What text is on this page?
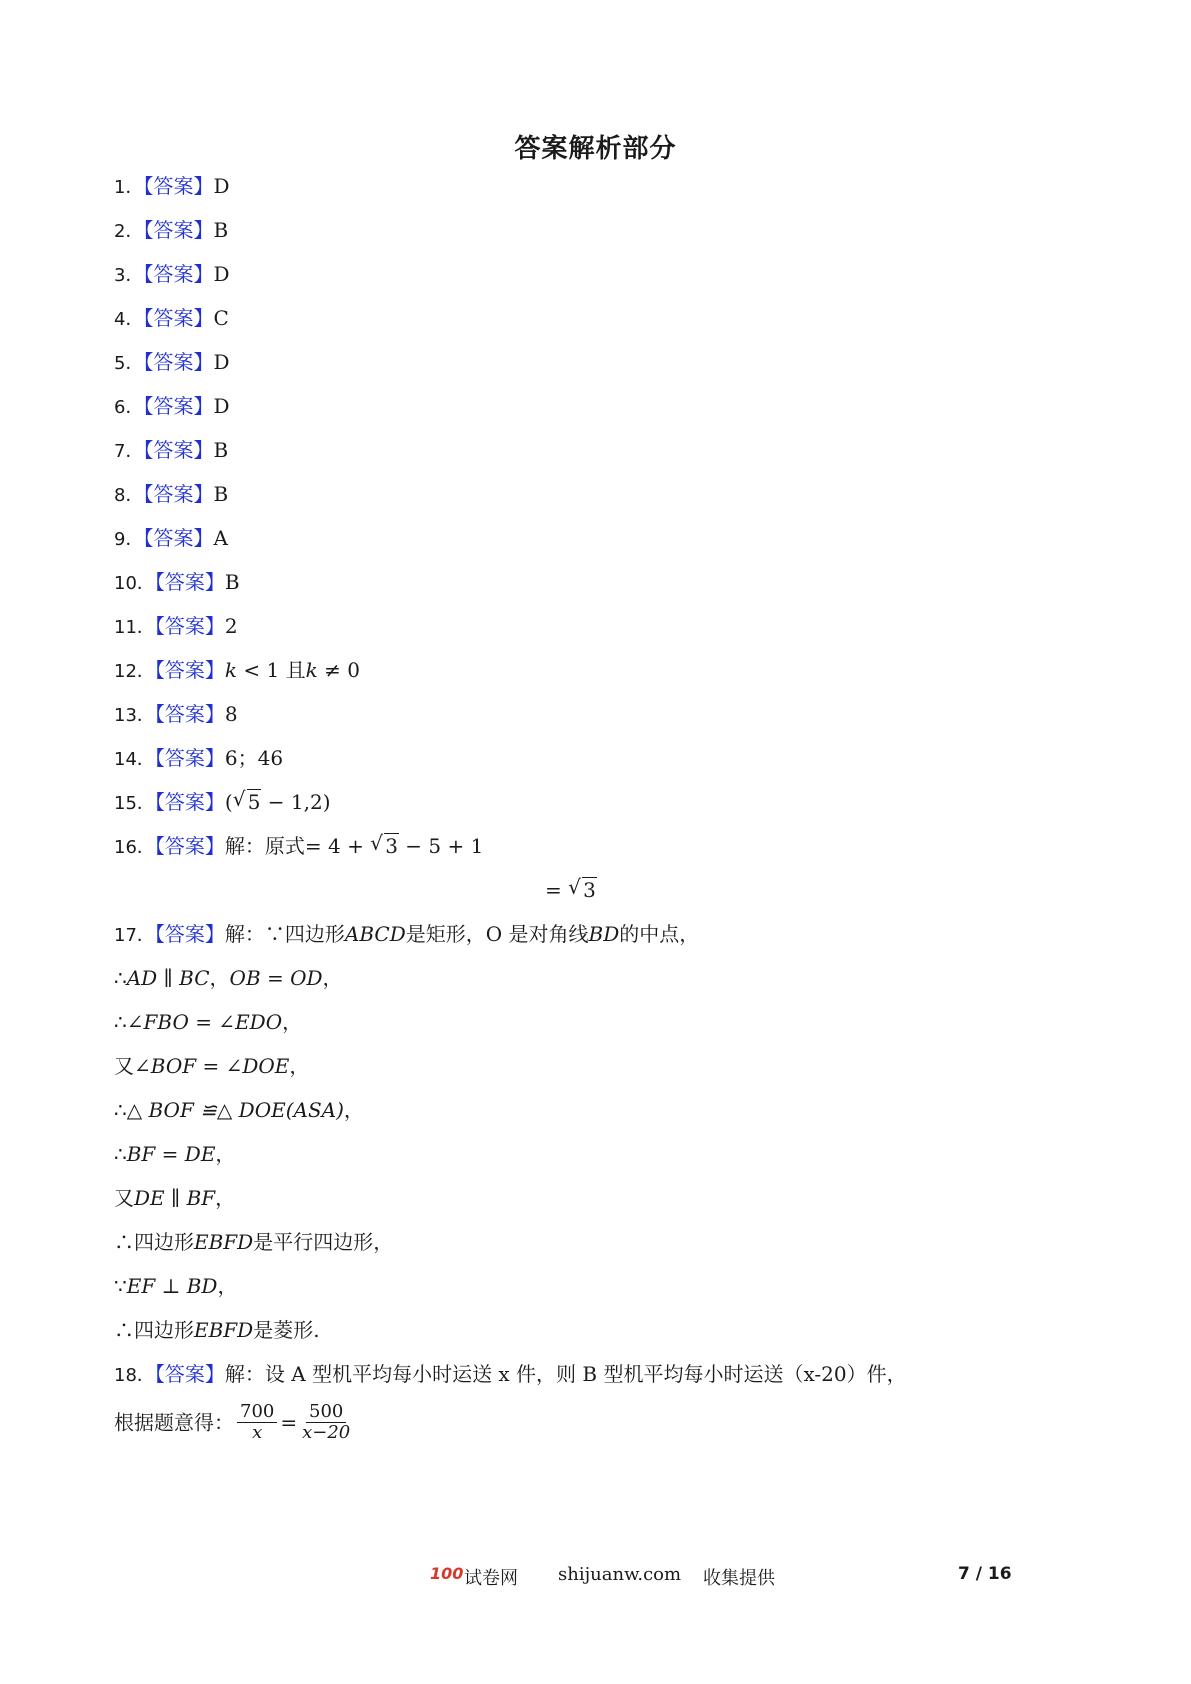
答案解析部分
1．【答案】D
2．【答案】B
3．【答案】D
4．【答案】C
5．【答案】D
6．【答案】D
7．【答案】B
8．【答案】B
9．【答案】A
10．【答案】B
11．【答案】2
12．【答案】k < 1 且k ≠ 0
13．【答案】8
14．【答案】6；46
15．【答案】( √ 5 − 1,2)
16．【答案】解：原式= 4 + √ 3 − 5 + 1
= √ 3
17．【答案】解：∵四边形ABCD是矩形，O 是对角线BD的中点，
∴AD ∥ BC，OB = OD，
∴∠FBO = ∠EDO，
又∠BOF = ∠DOE，
∴△ BOF ≌△ DOE(ASA)，
∴BF = DE，
又DE ∥ BF，
∴四边形EBFD是平行四边形，
∵EF ⊥ BD，
∴四边形EBFD是菱形.
18．【答案】解：设 A 型机平均每小时运送 x 件，则 B 型机平均每小时运送（x-20）件，
根据题意得： $\frac{700}{x} = \frac{500}{x-20}$
100 试卷网 shijuanw.com 收集提供	7 / 16
